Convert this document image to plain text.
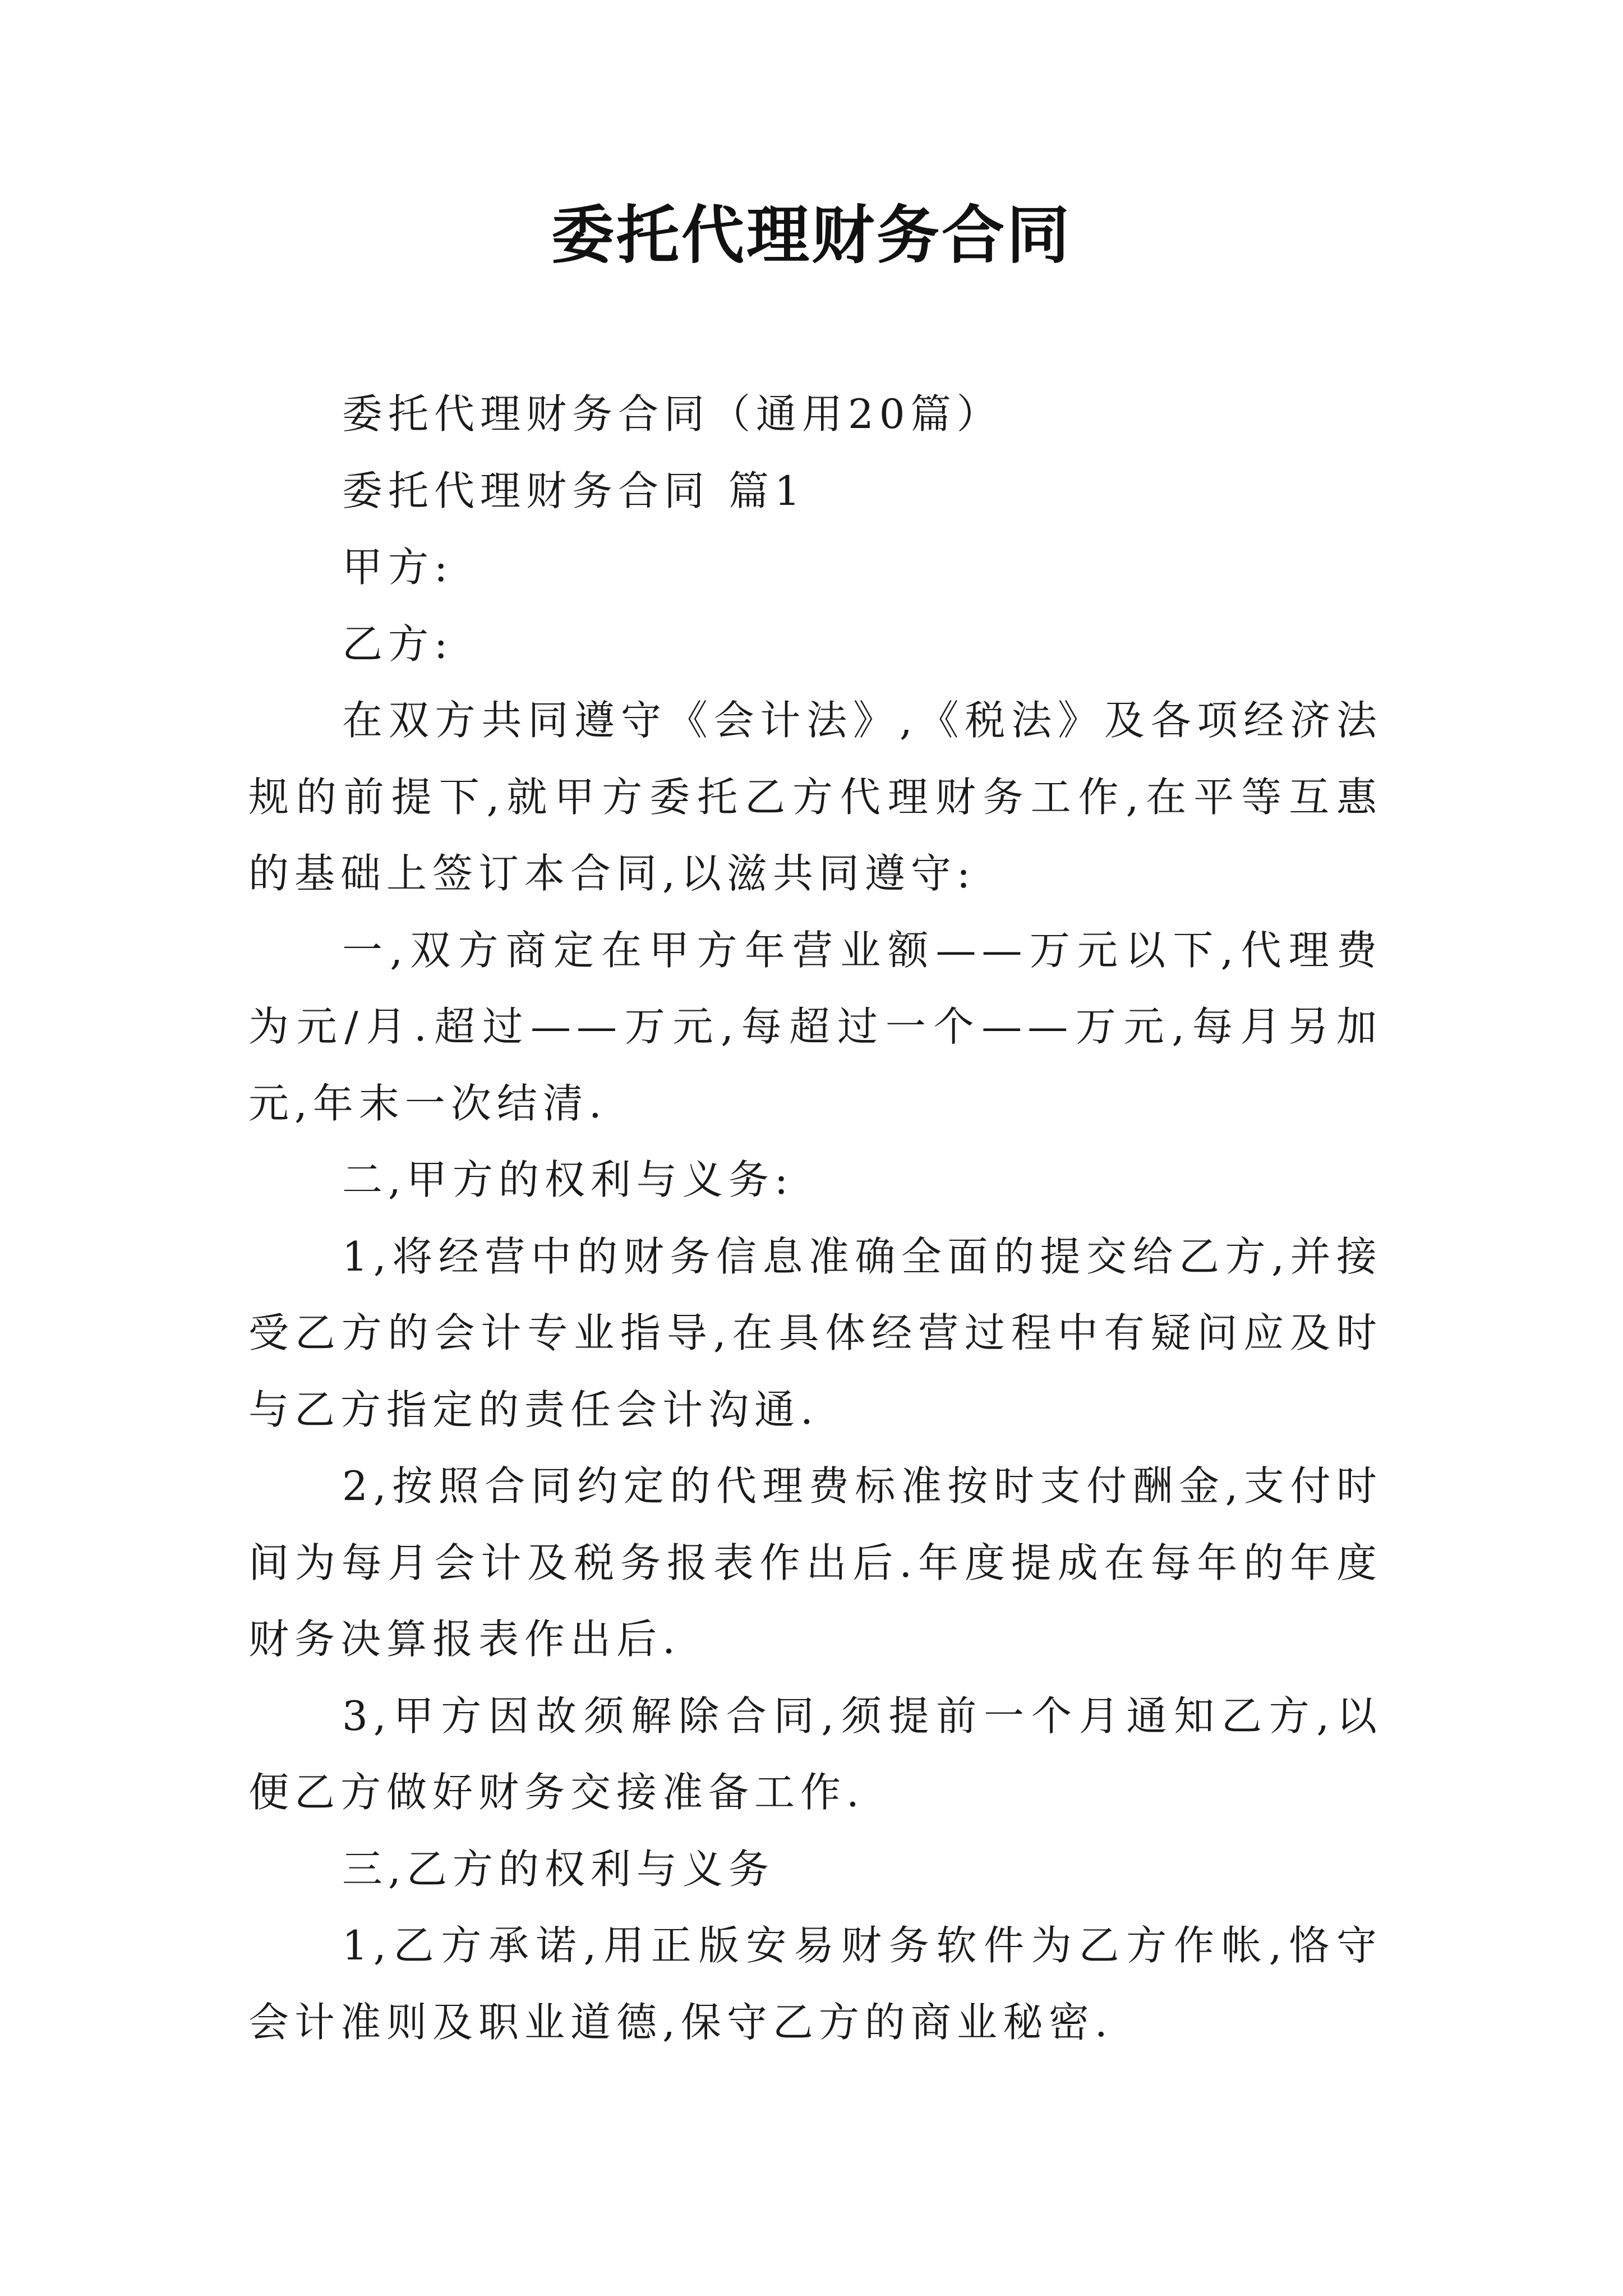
委托代理财务合同

委托代理财务合同（通用20篇）

委托代理财务合同 篇1

甲方:

乙方:

在双方共同遵守《会计法》,《税法》及各项经济法规的前提下,就甲方委托乙方代理财务工作,在平等互惠的基础上签订本合同,以滋共同遵守:

一,双方商定在甲方年营业额——万元以下,代理费为元/月.超过——万元,每超过一个——万元,每月另加元,年末一次结清.

二,甲方的权利与义务:

1,将经营中的财务信息准确全面的提交给乙方,并接受乙方的会计专业指导,在具体经营过程中有疑问应及时与乙方指定的责任会计沟通.

2,按照合同约定的代理费标准按时支付酬金,支付时间为每月会计及税务报表作出后.年度提成在每年的年度财务决算报表作出后.

3,甲方因故须解除合同,须提前一个月通知乙方,以便乙方做好财务交接准备工作.

三,乙方的权利与义务

1,乙方承诺,用正版安易财务软件为乙方作帐,恪守会计准则及职业道德,保守乙方的商业秘密.
